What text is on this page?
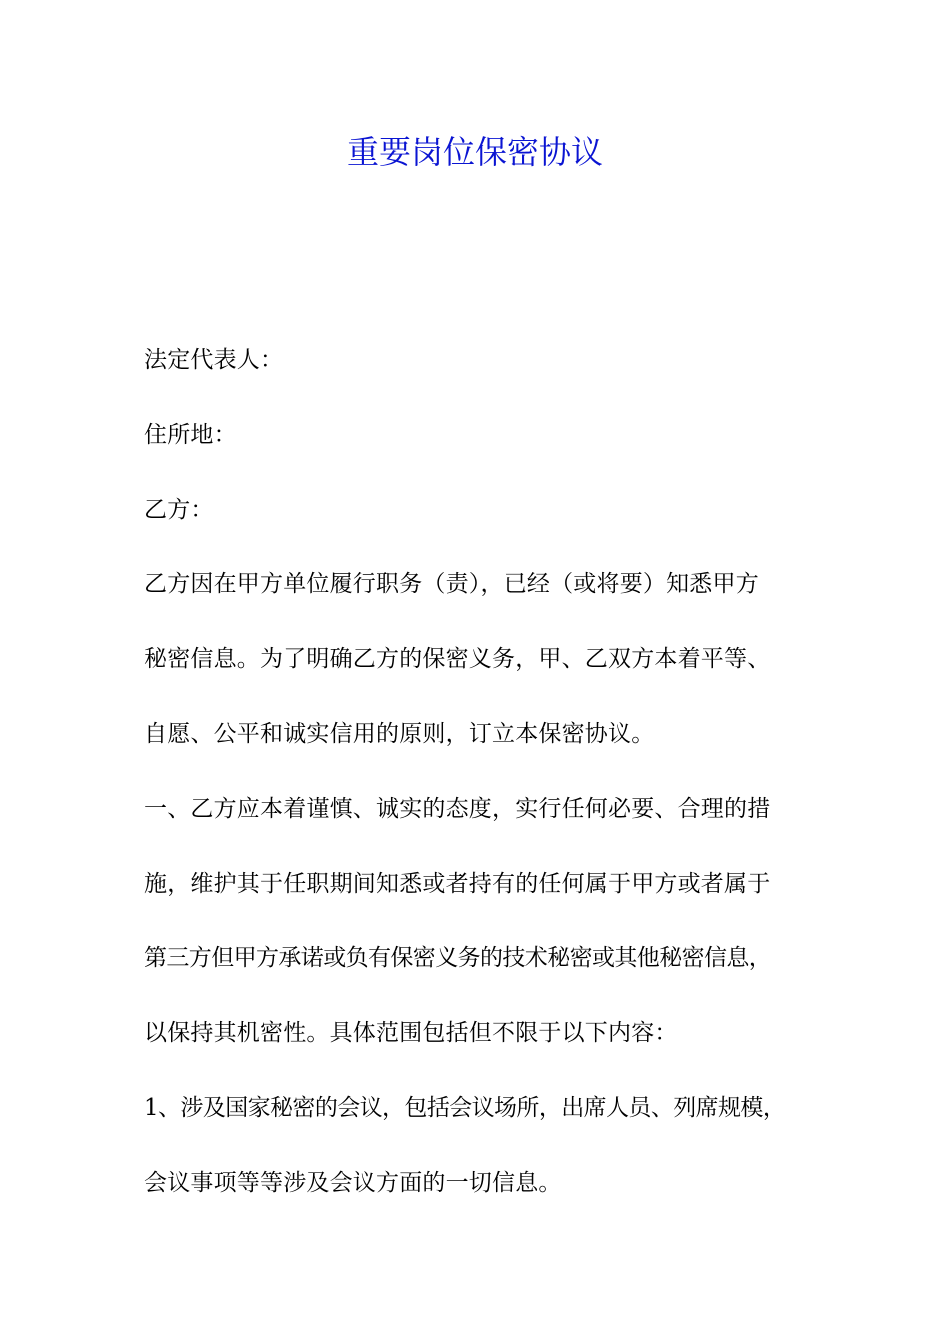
重要岗位保密协议
法定代表人：
住所地：
乙方：
乙方因在甲方单位履行职务（责），已经（或将要）知悉甲方
秘密信息。为了明确乙方的保密义务，甲、乙双方本着平等、
自愿、公平和诚实信用的原则，订立本保密协议。
一、乙方应本着谨慎、诚实的态度，实行任何必要、合理的措
施，维护其于任职期间知悉或者持有的任何属于甲方或者属于
第三方但甲方承诺或负有保密义务的技术秘密或其他秘密信息，
以保持其机密性。具体范围包括但不限于以下内容：
1、涉及国家秘密的会议，包括会议场所，出席人员、列席规模，
会议事项等等涉及会议方面的一切信息。
